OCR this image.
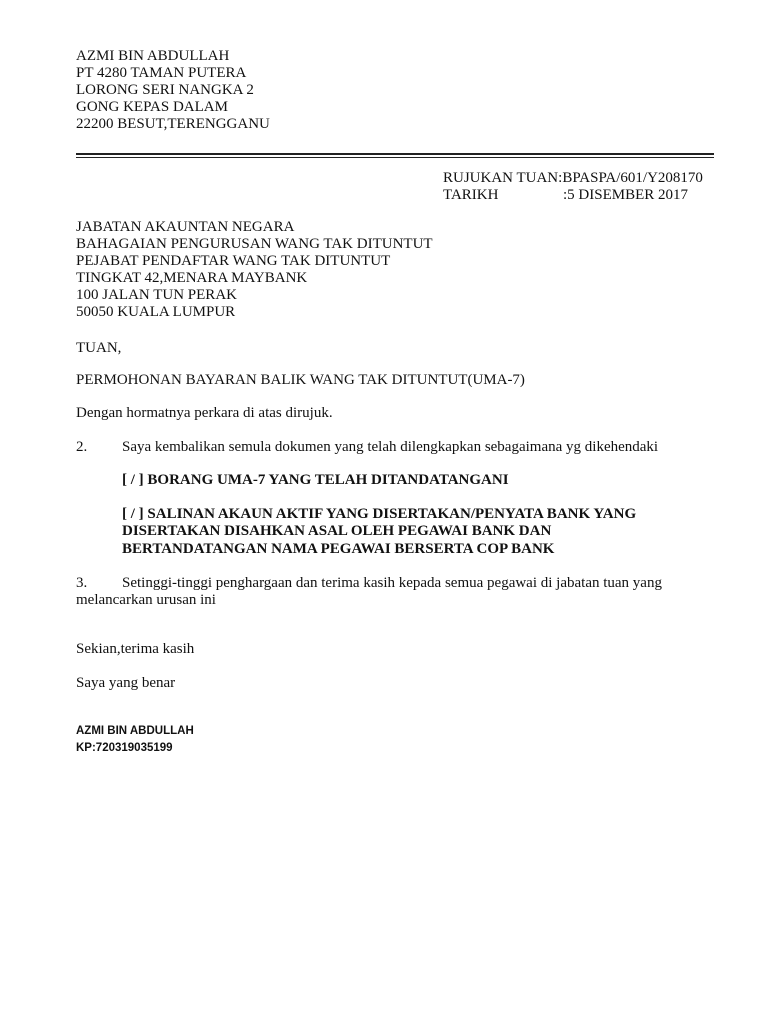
AZMI BIN ABDULLAH
PT 4280 TAMAN PUTERA
LORONG SERI NANGKA 2
GONG KEPAS DALAM
22200 BESUT,TERENGGANU
RUJUKAN TUAN:BPASPA/601/Y208170
TARIKH	:5 DISEMBER 2017
JABATAN AKAUNTAN NEGARA
BAHAGAIAN PENGURUSAN WANG TAK DITUNTUT
PEJABAT PENDAFTAR WANG TAK DITUNTUT
TINGKAT 42,MENARA MAYBANK
100 JALAN TUN PERAK
50050 KUALA LUMPUR
TUAN,
PERMOHONAN BAYARAN BALIK WANG TAK DITUNTUT(UMA-7)
Dengan hormatnya perkara di atas dirujuk.
2. Saya kembalikan semula dokumen yang telah dilengkapkan sebagaimana yg dikehendaki
[ / ] BORANG UMA-7 YANG TELAH DITANDATANGANI
[ / ] SALINAN AKAUN AKTIF YANG DISERTAKAN/PENYATA BANK YANG
DISERTAKAN DISAHKAN ASAL OLEH PEGAWAI BANK DAN
BERTANDATANGAN NAMA PEGAWAI BERSERTA COP BANK
3. Setinggi-tinggi penghargaan dan terima kasih kepada semua pegawai di jabatan tuan yang
melancarkan urusan ini
Sekian,terima kasih
Saya yang benar
AZMI BIN ABDULLAH
KP:720319035199
